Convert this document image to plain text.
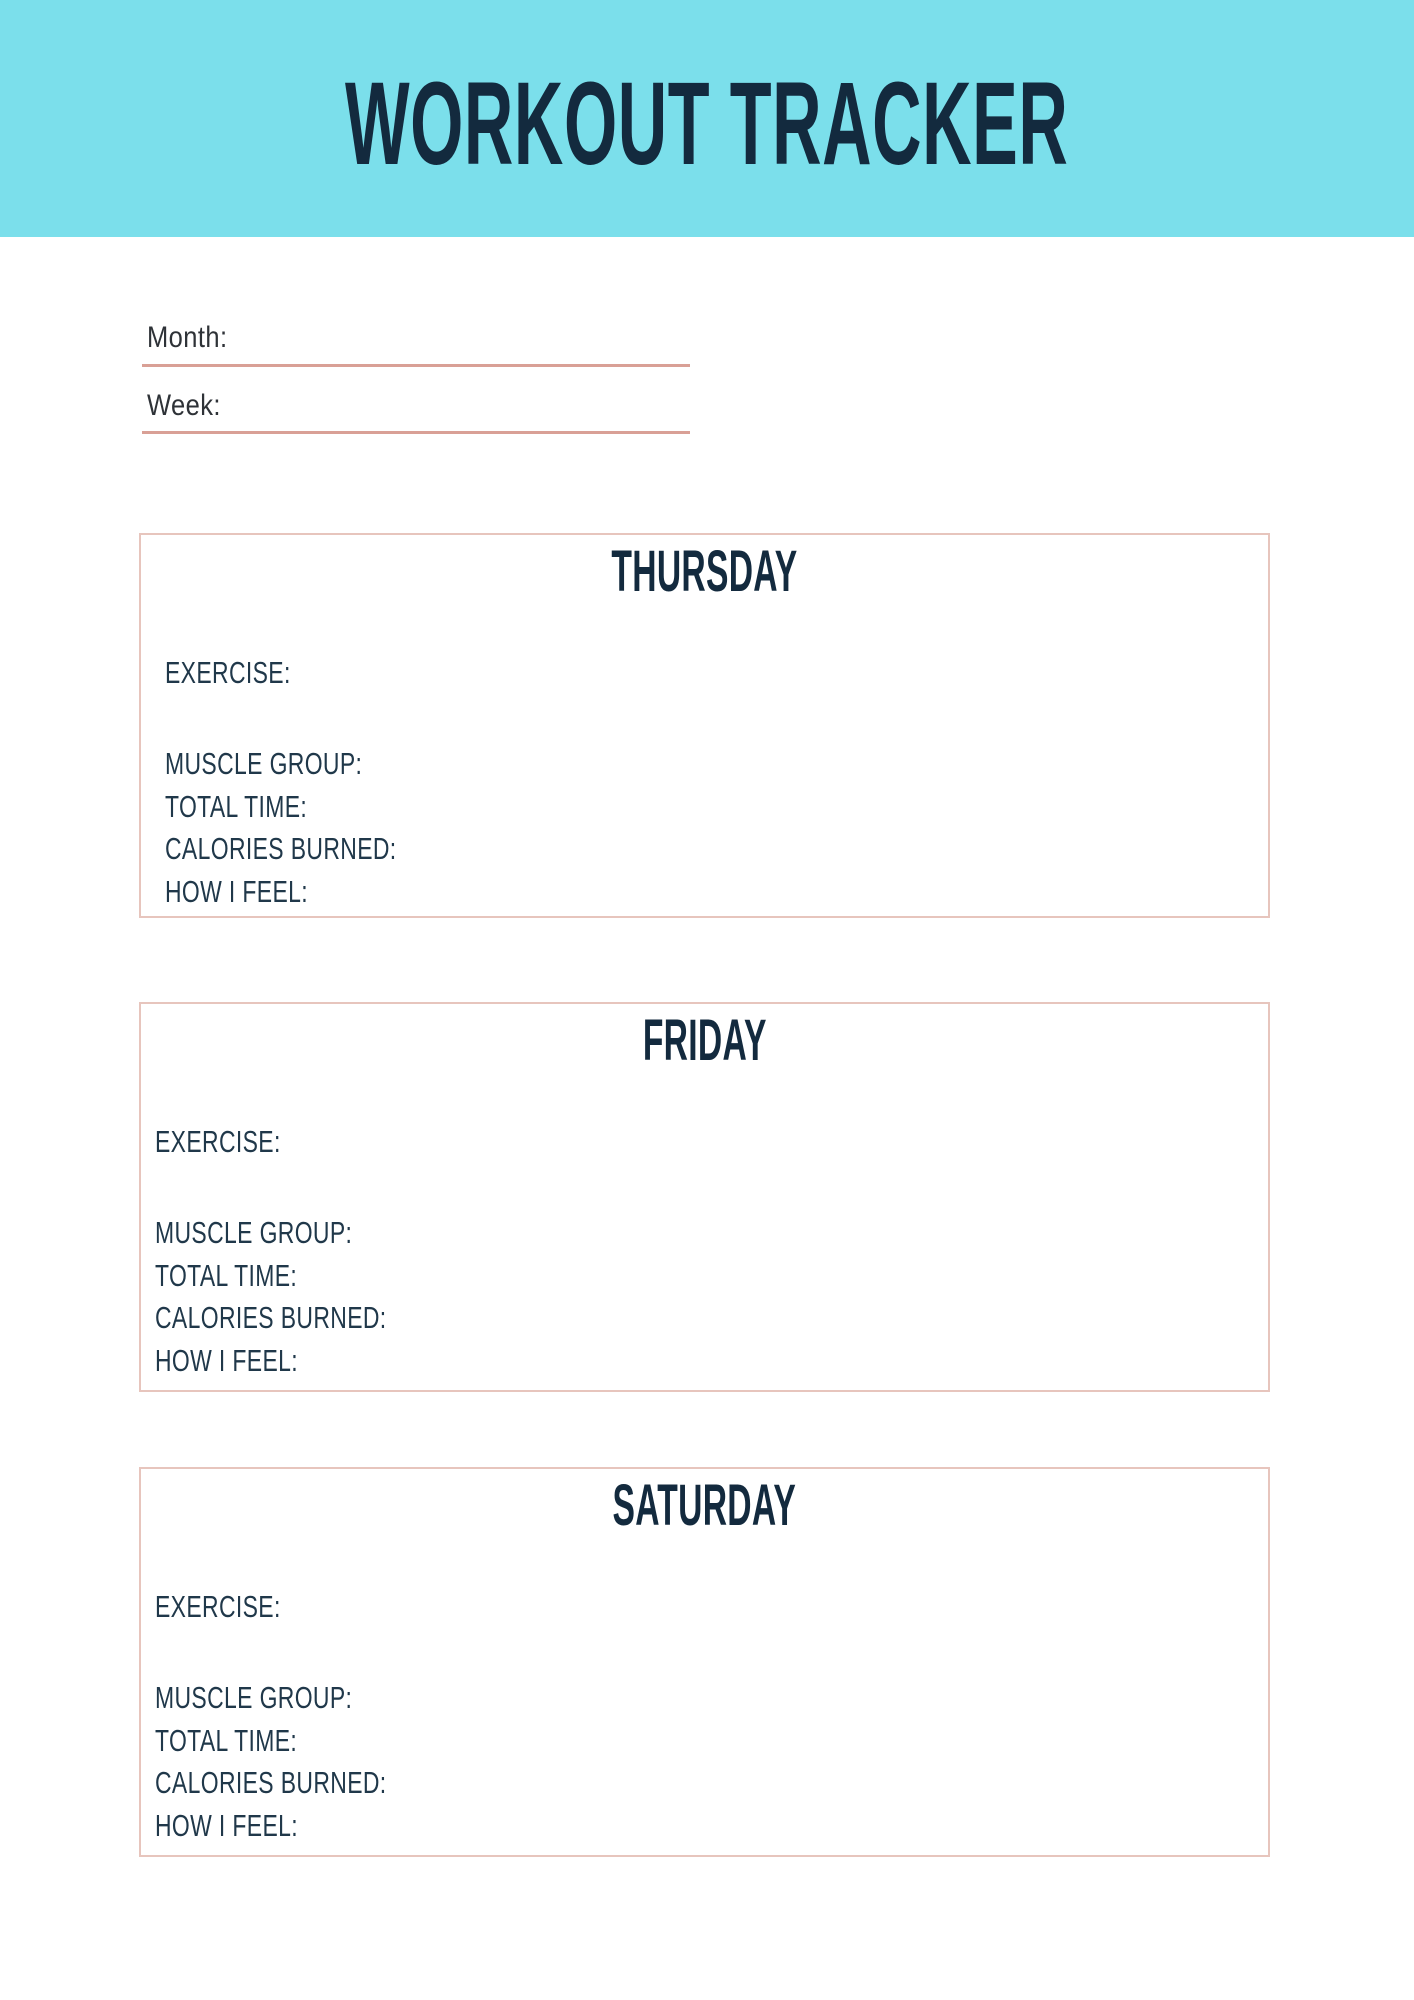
WORKOUT TRACKER
Month:
Week:
THURSDAY
EXERCISE:
MUSCLE GROUP:
TOTAL TIME:
CALORIES BURNED:
HOW I FEEL:
FRIDAY
EXERCISE:
MUSCLE GROUP:
TOTAL TIME:
CALORIES BURNED:
HOW I FEEL:
SATURDAY
EXERCISE:
MUSCLE GROUP:
TOTAL TIME:
CALORIES BURNED:
HOW I FEEL:
